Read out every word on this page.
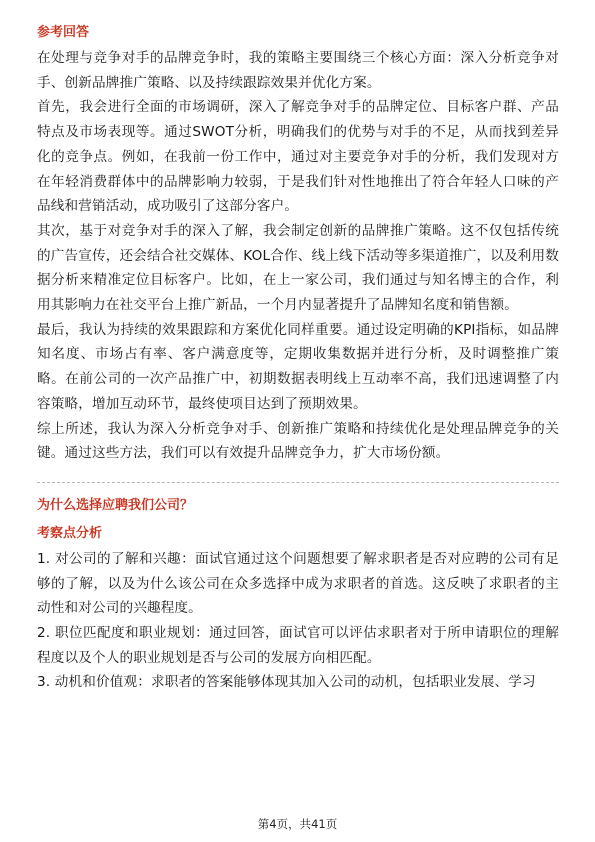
参考回答

在处理与竞争对手的品牌竞争时，我的策略主要围绕三个核心方面：深入分析竞争对手、创新品牌推广策略、以及持续跟踪效果并优化方案。

首先，我会进行全面的市场调研，深入了解竞争对手的品牌定位、目标客户群、产品特点及市场表现等。通过SWOT分析，明确我们的优势与对手的不足，从而找到差异化的竞争点。例如，在我前一份工作中，通过对主要竞争对手的分析，我们发现对方在年轻消费群体中的品牌影响力较弱，于是我们针对性地推出了符合年轻人口味的产品线和营销活动，成功吸引了这部分客户。

其次，基于对竞争对手的深入了解，我会制定创新的品牌推广策略。这不仅包括传统的广告宣传，还会结合社交媒体、KOL合作、线上线下活动等多渠道推广，以及利用数据分析来精准定位目标客户。比如，在上一家公司，我们通过与知名博主的合作，利用其影响力在社交平台上推广新品，一个月内显著提升了品牌知名度和销售额。

最后，我认为持续的效果跟踪和方案优化同样重要。通过设定明确的KPI指标，如品牌知名度、市场占有率、客户满意度等，定期收集数据并进行分析，及时调整推广策略。在前公司的一次产品推广中，初期数据表明线上互动率不高，我们迅速调整了内容策略，增加互动环节，最终使项目达到了预期效果。

综上所述，我认为深入分析竞争对手、创新推广策略和持续优化是处理品牌竞争的关键。通过这些方法，我们可以有效提升品牌竞争力，扩大市场份额。

为什么选择应聘我们公司？
考察点分析

1. 对公司的了解和兴趣：面试官通过这个问题想要了解求职者是否对应聘的公司有足够的了解，以及为什么该公司在众多选择中成为求职者的首选。这反映了求职者的主动性和对公司的兴趣程度。

2. 职位匹配度和职业规划：通过回答，面试官可以评估求职者对于所申请职位的理解程度以及个人的职业规划是否与公司的发展方向相匹配。

3. 动机和价值观：求职者的答案能够体现其加入公司的动机，包括职业发展、学习

第4页，共41页
